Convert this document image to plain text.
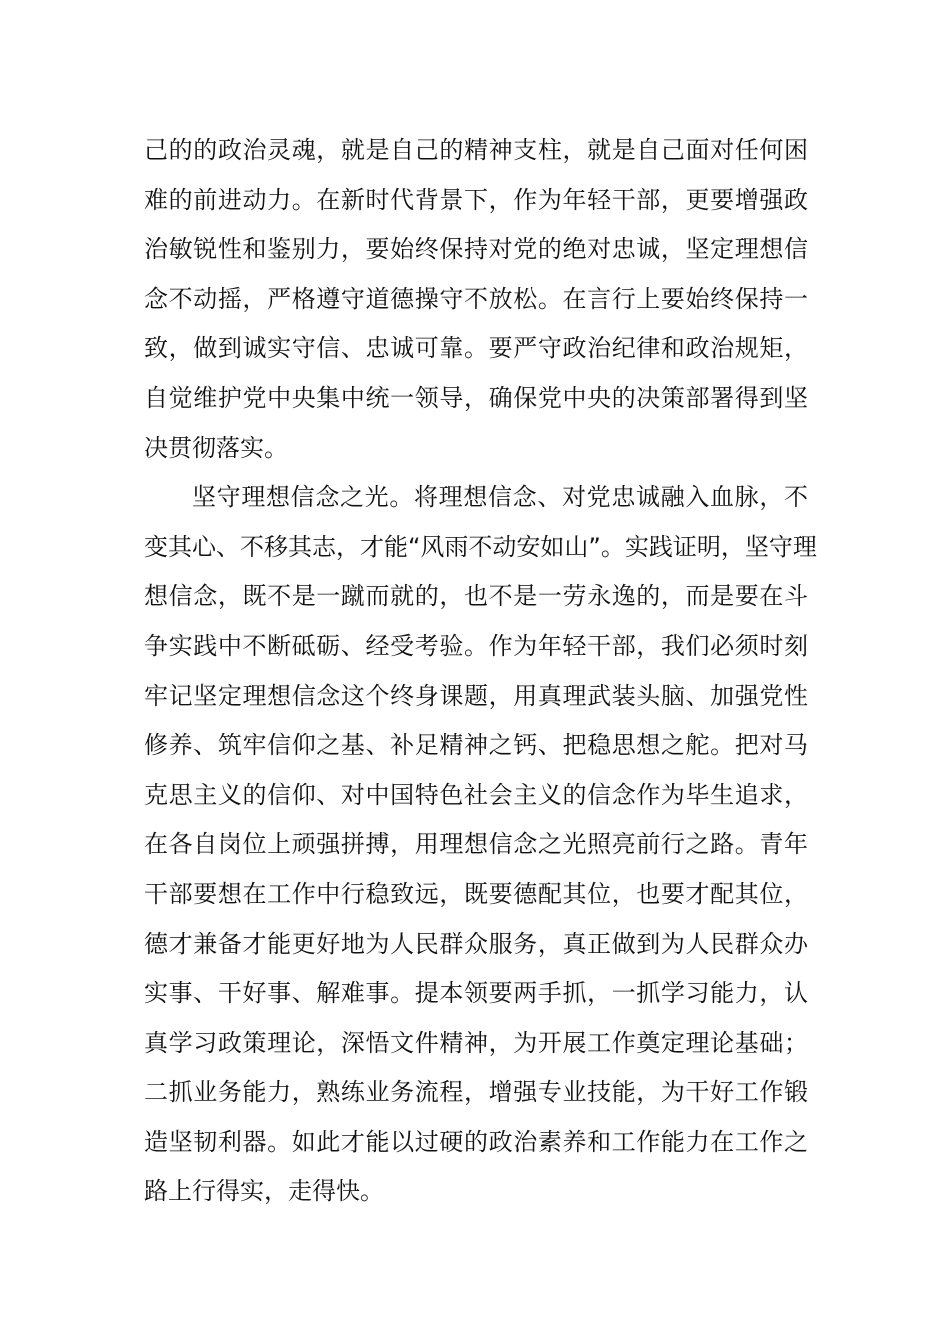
己的的政治灵魂，就是自己的精神支柱，就是自己面对任何困
难的前进动力。在新时代背景下，作为年轻干部，更要增强政
治敏锐性和鉴别力，要始终保持对党的绝对忠诚，坚定理想信
念不动摇，严格遵守道德操守不放松。在言行上要始终保持一
致，做到诚实守信、忠诚可靠。要严守政治纪律和政治规矩，
自觉维护党中央集中统一领导，确保党中央的决策部署得到坚
决贯彻落实。
坚守理想信念之光。将理想信念、对党忠诚融入血脉，不
变其心、不移其志，才能“风雨不动安如山”。实践证明，坚守理
想信念，既不是一蹴而就的，也不是一劳永逸的，而是要在斗
争实践中不断砥砺、经受考验。作为年轻干部，我们必须时刻
牢记坚定理想信念这个终身课题，用真理武装头脑、加强党性
修养、筑牢信仰之基、补足精神之钙、把稳思想之舵。把对马
克思主义的信仰、对中国特色社会主义的信念作为毕生追求，
在各自岗位上顽强拼搏，用理想信念之光照亮前行之路。青年
干部要想在工作中行稳致远，既要德配其位，也要才配其位，
德才兼备才能更好地为人民群众服务，真正做到为人民群众办
实事、干好事、解难事。提本领要两手抓，一抓学习能力，认
真学习政策理论，深悟文件精神，为开展工作奠定理论基础；
二抓业务能力，熟练业务流程，增强专业技能，为干好工作锻
造坚韧利器。如此才能以过硬的政治素养和工作能力在工作之
路上行得实，走得快。
